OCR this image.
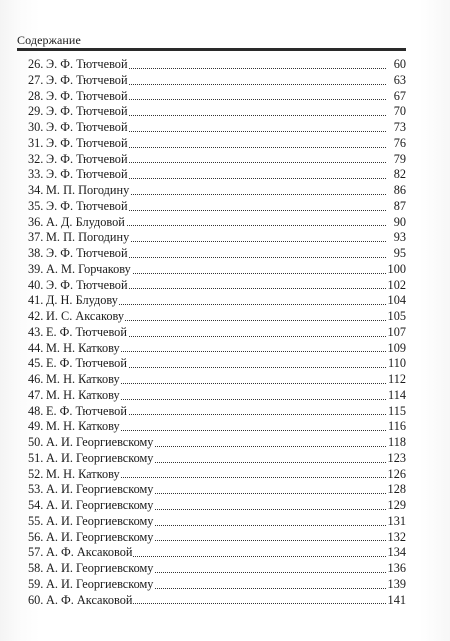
Содержание
26. Э. Ф. Тютчевой	60
27. Э. Ф. Тютчевой	63
28. Э. Ф. Тютчевой	67
29. Э. Ф. Тютчевой	70
30. Э. Ф. Тютчевой	73
31. Э. Ф. Тютчевой	76
32. Э. Ф. Тютчевой	79
33. Э. Ф. Тютчевой	82
34. М. П. Погодину	86
35. Э. Ф. Тютчевой	87
36. А. Д. Блудовой	90
37. М. П. Погодину	93
38. Э. Ф. Тютчевой	95
39. А. М. Горчакову	100
40. Э. Ф. Тютчевой	102
41. Д. Н. Блудову	104
42. И. С. Аксакову	105
43. Е. Ф. Тютчевой	107
44. М. Н. Каткову	109
45. Е. Ф. Тютчевой	110
46. М. Н. Каткову	112
47. М. Н. Каткову	114
48. Е. Ф. Тютчевой	115
49. М. Н. Каткову	116
50. А. И. Георгиевскому	118
51. А. И. Георгиевскому	123
52. М. Н. Каткову	126
53. А. И. Георгиевскому	128
54. А. И. Георгиевскому	129
55. А. И. Георгиевскому	131
56. А. И. Георгиевскому	132
57. А. Ф. Аксаковой	134
58. А. И. Георгиевскому	136
59. А. И. Георгиевскому	139
60. А. Ф. Аксаковой	141
